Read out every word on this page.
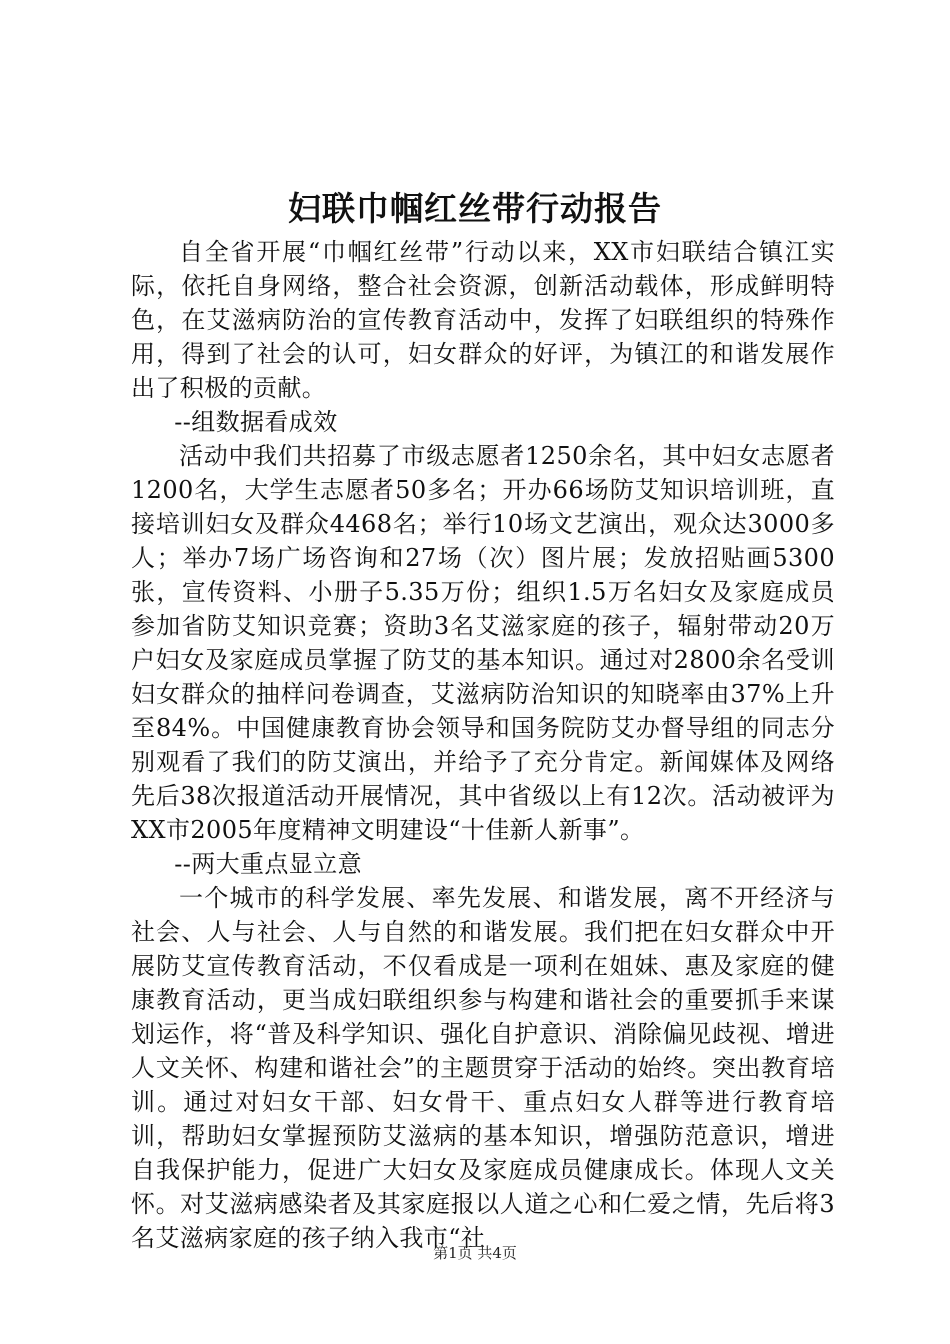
妇联巾帼红丝带行动报告

自全省开展“巾帼红丝带”行动以来，XX市妇联结合镇江实际，依托自身网络，整合社会资源，创新活动载体，形成鲜明特色，在艾滋病防治的宣传教育活动中，发挥了妇联组织的特殊作用，得到了社会的认可，妇女群众的好评，为镇江的和谐发展作出了积极的贡献。

--组数据看成效

活动中我们共招募了市级志愿者1250余名，其中妇女志愿者1200名，大学生志愿者50多名；开办66场防艾知识培训班，直接培训妇女及群众4468名；举行10场文艺演出，观众达3000多人；举办7场广场咨询和27场（次）图片展；发放招贴画5300张，宣传资料、小册子5.35万份；组织1.5万名妇女及家庭成员参加省防艾知识竞赛；资助3名艾滋家庭的孩子，辐射带动20万户妇女及家庭成员掌握了防艾的基本知识。通过对2800余名受训妇女群众的抽样问卷调查，艾滋病防治知识的知晓率由37%上升至84%。中国健康教育协会领导和国务院防艾办督导组的同志分别观看了我们的防艾演出，并给予了充分肯定。新闻媒体及网络先后38次报道活动开展情况，其中省级以上有12次。活动被评为XX市2005年度精神文明建设“十佳新人新事”。

--两大重点显立意

一个城市的科学发展、率先发展、和谐发展，离不开经济与社会、人与社会、人与自然的和谐发展。我们把在妇女群众中开展防艾宣传教育活动，不仅看成是一项利在姐妹、惠及家庭的健康教育活动，更当成妇联组织参与构建和谐社会的重要抓手来谋划运作，将“普及科学知识、强化自护意识、消除偏见歧视、增进人文关怀、构建和谐社会”的主题贯穿于活动的始终。突出教育培训。通过对妇女干部、妇女骨干、重点妇女人群等进行教育培训，帮助妇女掌握预防艾滋病的基本知识，增强防范意识，增进自我保护能力，促进广大妇女及家庭成员健康成长。体现人文关怀。对艾滋病感染者及其家庭报以人道之心和仁爱之情，先后将3名艾滋病家庭的孩子纳入我市“社

第1页 共4页
